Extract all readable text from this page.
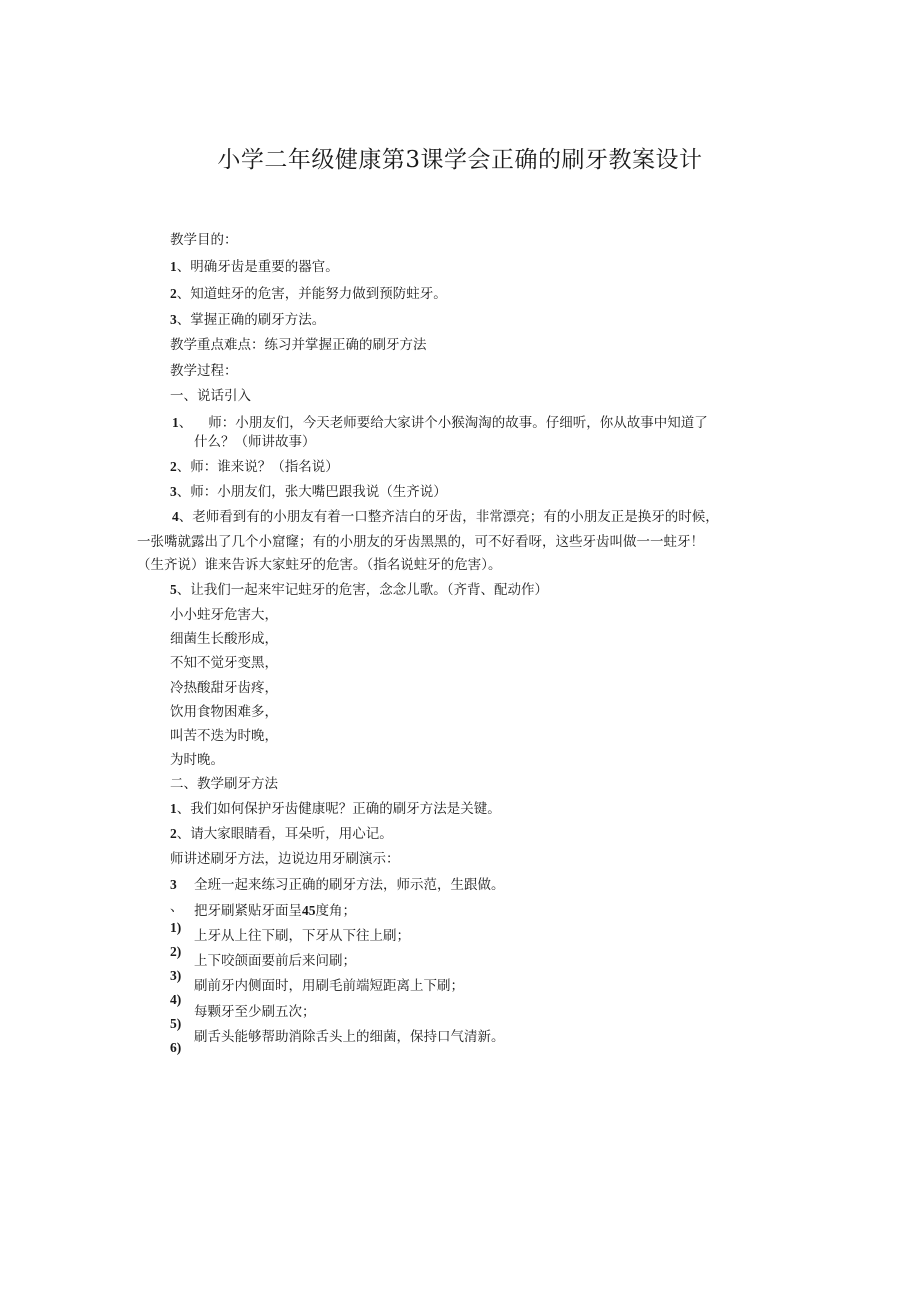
小学二年级健康第3课学会正确的刷牙教案设计
教学目的：
1、明确牙齿是重要的器官。
2、知道蛀牙的危害，并能努力做到预防蛀牙。
3、掌握正确的刷牙方法。
教学重点难点：练习并掌握正确的刷牙方法
教学过程：
一、说话引入
1、 师：小朋友们，今天老师要给大家讲个小猴淘淘的故事。仔细听，你从故事中知道了
什么？（师讲故事）
2、师：谁来说？（指名说）
3、师：小朋友们，张大嘴巴跟我说（生齐说）
4、老师看到有的小朋友有着一口整齐洁白的牙齿，非常漂亮；有的小朋友正是换牙的时候，
一张嘴就露出了几个小窟窿；有的小朋友的牙齿黑黑的，可不好看呀，这些牙齿叫做一一蛀牙！
（生齐说）谁来告诉大家蛀牙的危害。（指名说蛀牙的危害）。
5、让我们一起来牢记蛀牙的危害，念念儿歌。（齐背、配动作）
小小蛀牙危害大，
细菌生长酸形成，
不知不觉牙变黑，
冷热酸甜牙齿疼，
饮用食物困难多，
叫苦不迭为时晚，
为时晚。
二、教学刷牙方法
1、我们如何保护牙齿健康呢？正确的刷牙方法是关键。
2、请大家眼睛看，耳朵听，用心记。
师讲述刷牙方法，边说边用牙刷演示：
3 全班一起来练习正确的刷牙方法，师示范，生跟做。
、
1)
2)
3)
4)
5)
6)
把牙刷紧贴牙面呈45度角；
上牙从上往下刷，下牙从下往上刷；
上下咬颌面要前后来问刷；
刷前牙内侧面时，用刷毛前端短距离上下刷；
每颗牙至少刷五次；
刷舌头能够帮助消除舌头上的细菌，保持口气清新。
